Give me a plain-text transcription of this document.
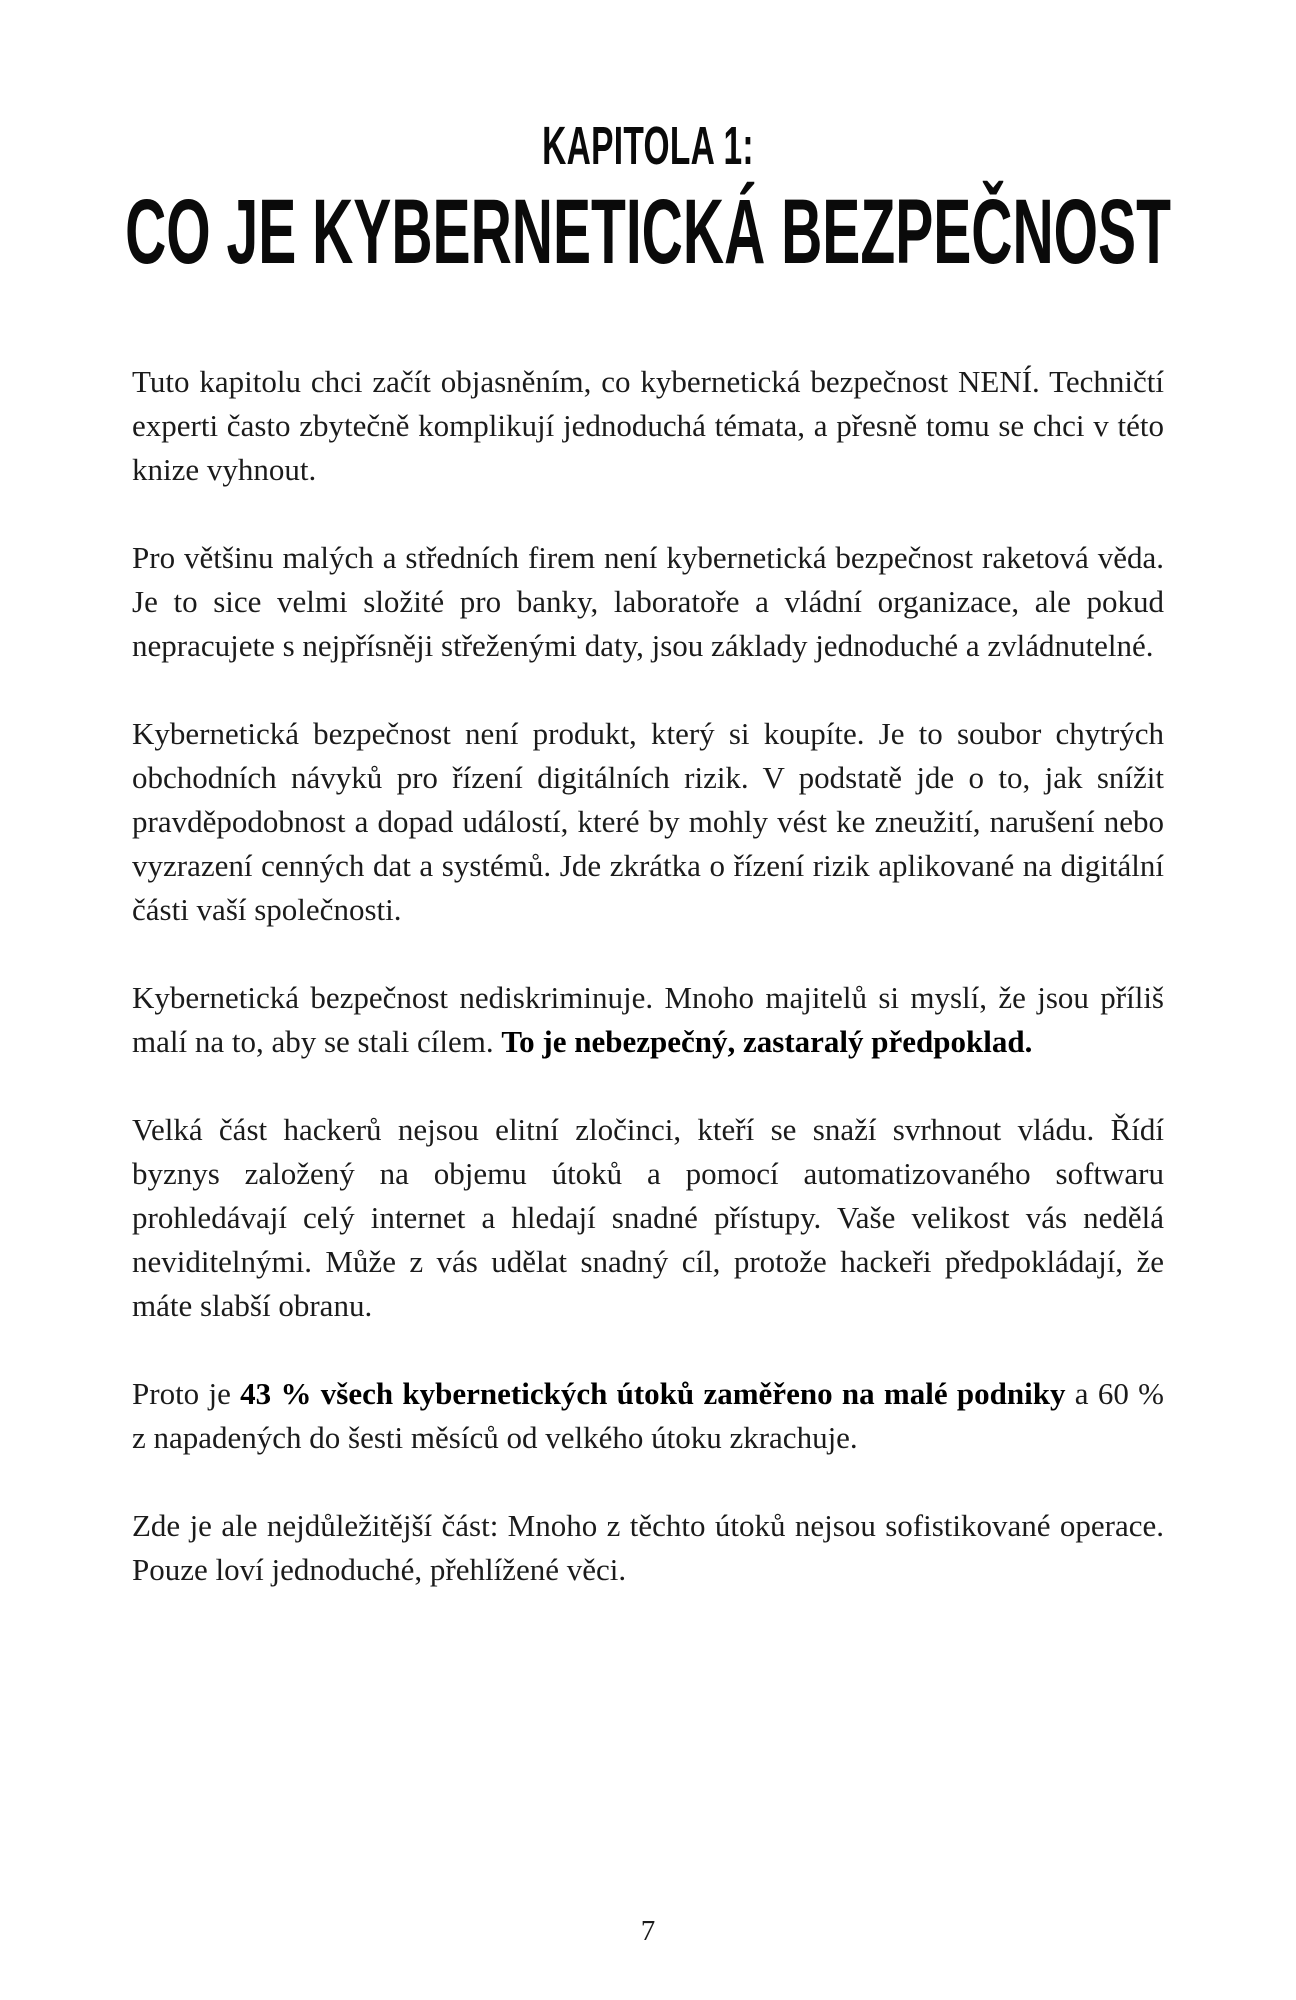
KAPITOLA 1:
CO JE KYBERNETICKÁ BEZPEČNOST

Tuto kapitolu chci začít objasněním, co kybernetická bezpečnost NENÍ. Techničtí experti často zbytečně komplikují jednoduchá témata, a přesně tomu se chci v této knize vyhnout.

Pro většinu malých a středních firem není kybernetická bezpečnost raketová věda. Je to sice velmi složité pro banky, laboratoře a vládní organizace, ale pokud nepracujete s nejpřísněji střeženými daty, jsou základy jednoduché a zvládnutelné.

Kybernetická bezpečnost není produkt, který si koupíte. Je to soubor chytrých obchodních návyků pro řízení digitálních rizik. V podstatě jde o to, jak snížit pravděpodobnost a dopad událostí, které by mohly vést ke zneužití, narušení nebo vyzrazení cenných dat a systémů. Jde zkrátka o řízení rizik aplikované na digitální části vaší společnosti.

Kybernetická bezpečnost nediskriminuje. Mnoho majitelů si myslí, že jsou příliš malí na to, aby se stali cílem. To je nebezpečný, zastaralý předpoklad.

Velká část hackerů nejsou elitní zločinci, kteří se snaží svrhnout vládu. Řídí byznys založený na objemu útoků a pomocí automatizovaného softwaru prohledávají celý internet a hledají snadné přístupy. Vaše velikost vás nedělá neviditelnými. Může z vás udělat snadný cíl, protože hackeři předpokládají, že máte slabší obranu.

Proto je 43 % všech kybernetických útoků zaměřeno na malé podniky a 60 % z napadených do šesti měsíců od velkého útoku zkrachuje.

Zde je ale nejdůležitější část: Mnoho z těchto útoků nejsou sofistikované operace. Pouze loví jednoduché, přehlížené věci.

7
